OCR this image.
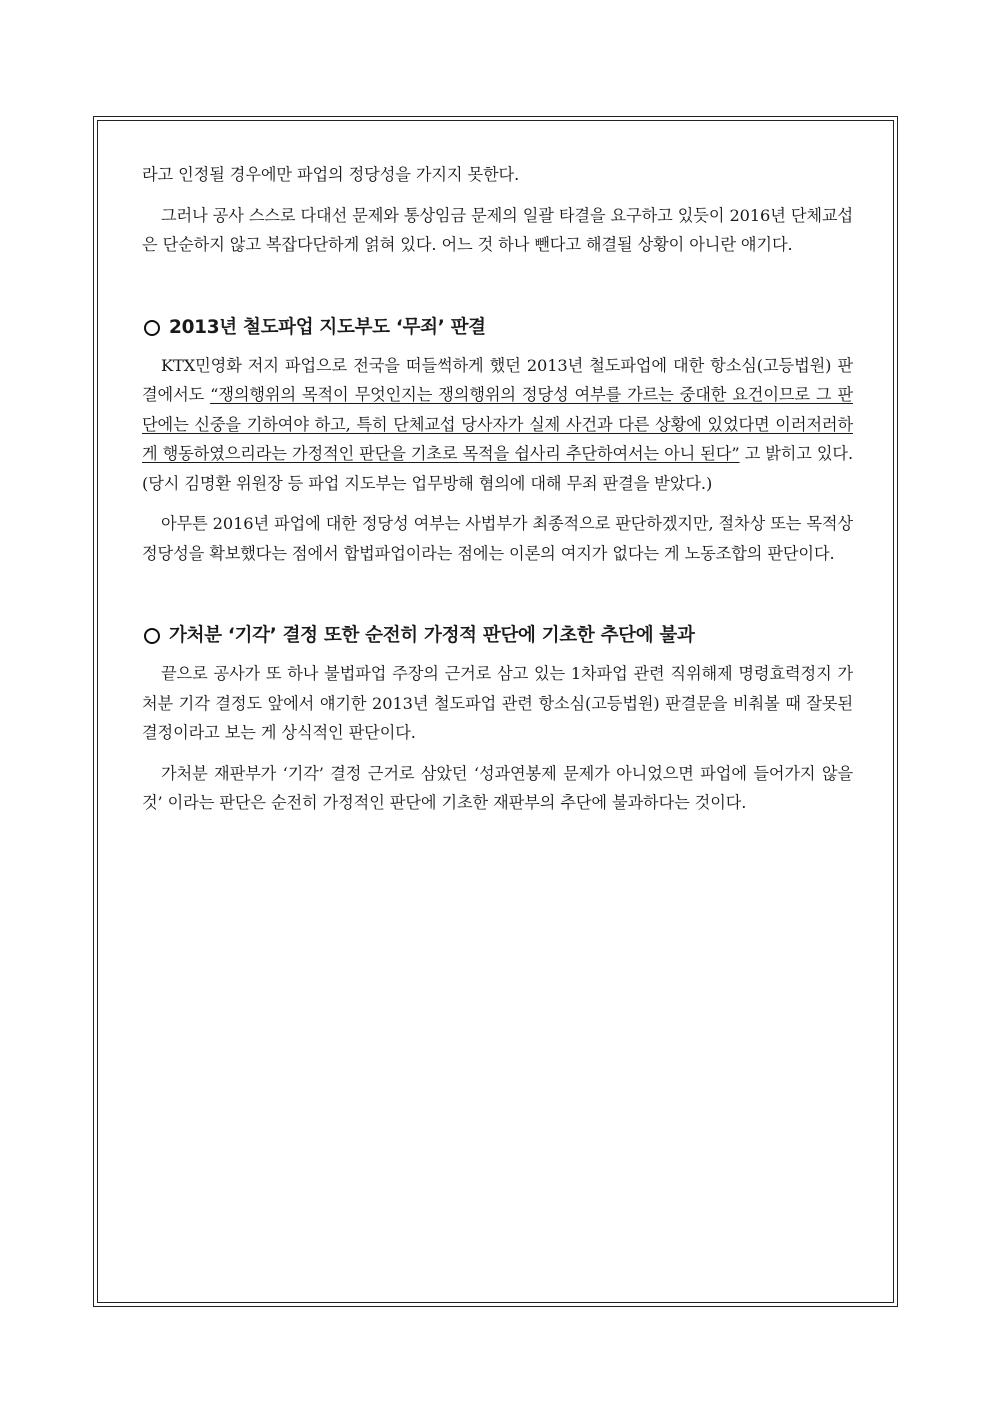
라고 인정될 경우에만 파업의 정당성을 가지지 못한다.

그러나 공사 스스로 다대선 문제와 통상임금 문제의 일괄 타결을 요구하고 있듯이 2016년 단체교섭은 단순하지 않고 복잡다단하게 얽혀 있다. 어느 것 하나 뺀다고 해결될 상황이 아니란 얘기다.

2013년 철도파업 지도부도 ‘무죄’ 판결

KTX민영화 저지 파업으로 전국을 떠들썩하게 했던 2013년 철도파업에 대한 항소심(고등법원) 판결에서도 “쟁의행위의 목적이 무엇인지는 쟁의행위의 정당성 여부를 가르는 중대한 요건이므로 그 판단에는 신중을 기하여야 하고, 특히 단체교섭 당사자가 실제 사건과 다른 상황에 있었다면 이러저러하게 행동하였으리라는 가정적인 판단을 기초로 목적을 쉽사리 추단하여서는 아니 된다” 고 밝히고 있다.(당시 김명환 위원장 등 파업 지도부는 업무방해 혐의에 대해 무죄 판결을 받았다.)

아무튼 2016년 파업에 대한 정당성 여부는 사법부가 최종적으로 판단하겠지만, 절차상 또는 목적상 정당성을 확보했다는 점에서 합법파업이라는 점에는 이론의 여지가 없다는 게 노동조합의 판단이다.

가처분 ‘기각’ 결정 또한 순전히 가정적 판단에 기초한 추단에 불과

끝으로 공사가 또 하나 불법파업 주장의 근거로 삼고 있는 1차파업 관련 직위해제 명령효력정지 가처분 기각 결정도 앞에서 얘기한 2013년 철도파업 관련 항소심(고등법원) 판결문을 비춰볼 때 잘못된 결정이라고 보는 게 상식적인 판단이다.

가처분 재판부가 ‘기각’ 결정 근거로 삼았던 ‘성과연봉제 문제가 아니었으면 파업에 들어가지 않을 것’ 이라는 판단은 순전히 가정적인 판단에 기초한 재판부의 추단에 불과하다는 것이다.
